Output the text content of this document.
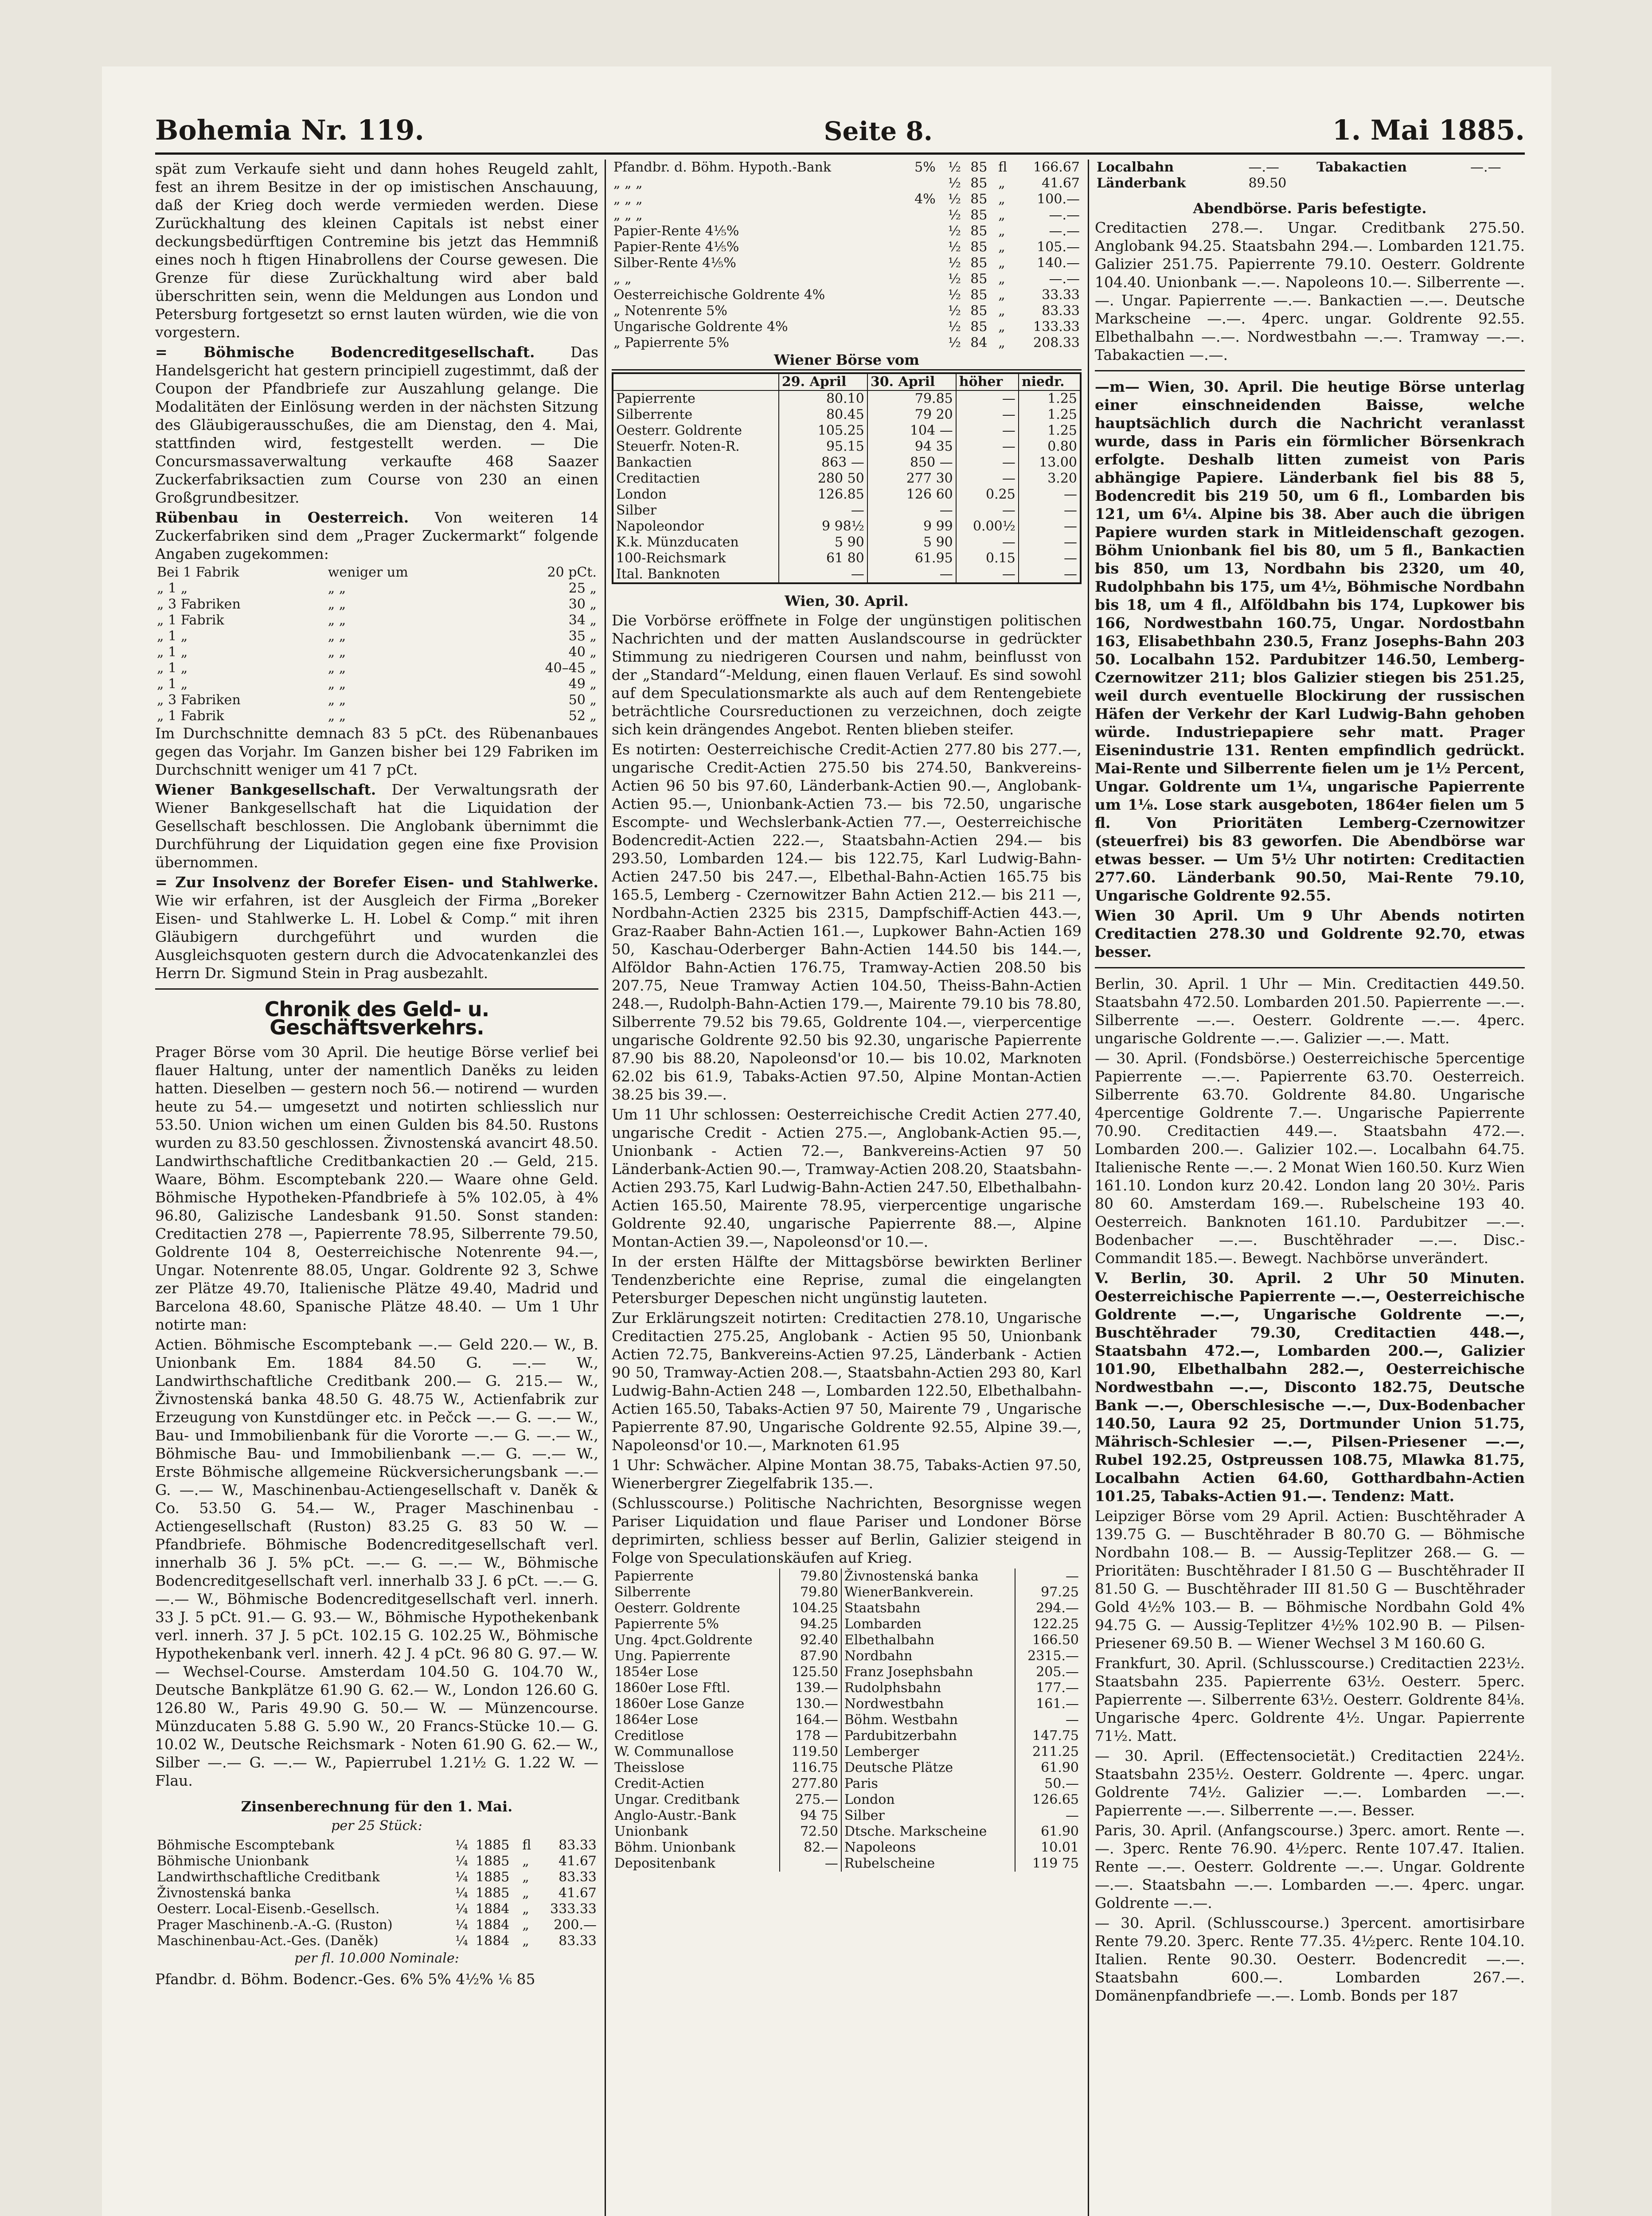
Bohemia Nr. 119.	Seite 8.	1. Mai 1885.

spät zum Verkaufe sieht und dann hohes Reugeld zahlt, fest an ihrem Besitze in der op imistischen Anschauung, daß der Krieg doch werde vermieden werden. Diese Zurückhaltung des kleinen Capitals ist nebst einer deckungsbedürftigen Contremine bis jetzt das Hemmniß eines noch h ftigen Hinabrollens der Course gewesen. Die Grenze für diese Zurückhaltung wird aber bald überschritten sein, wenn die Meldungen aus London und Petersburg fortgesetzt so ernst lauten würden, wie die von vorgestern.

= Böhmische Bodencreditgesellschaft. Das Handelsgericht hat gestern principiell zugestimmt, daß der Coupon der Pfandbriefe zur Auszahlung gelange. Die Modalitäten der Einlösung werden in der nächsten Sitzung des Gläubigerausschußes, die am Dienstag, den 4. Mai, stattfinden wird, festgestellt werden. — Die Concursmassaverwaltung verkaufte 468 Saazer Zuckerfabriksactien zum Course von 230 an einen Großgrundbesitzer.

Rübenbau in Oesterreich. Von weiteren 14 Zuckerfabriken sind dem „Prager Zuckermarkt“ folgende Angaben zugekommen:

Bei 1 Fabrik	weniger um	20 pCt.
„ 1 „	„ „	25 „
„ 3 Fabriken	„ „	30 „
„ 1 Fabrik	„ „	34 „
„ 1 „	„ „	35 „
„ 1 „	„ „	40 „
„ 1 „	„ „	40–45 „
„ 1 „	„ „	49 „
„ 3 Fabriken	„ „	50 „
„ 1 Fabrik	„ „	52 „

Im Durchschnitte demnach 83 5 pCt. des Rübenanbaues gegen das Vorjahr. Im Ganzen bisher bei 129 Fabriken im Durchschnitt weniger um 41 7 pCt.

Wiener Bankgesellschaft. Der Verwaltungsrath der Wiener Bankgesellschaft hat die Liquidation der Gesellschaft beschlossen. Die Anglobank übernimmt die Durchführung der Liquidation gegen eine fixe Provision übernommen.

= Zur Insolvenz der Borefer Eisen- und Stahlwerke. Wie wir erfahren, ist der Ausgleich der Firma „Boreker Eisen- und Stahlwerke L. H. Lobel & Comp.“ mit ihren Gläubigern durchgeführt und wurden die Ausgleichsquoten gestern durch die Advocatenkanzlei des Herrn Dr. Sigmund Stein in Prag ausbezahlt.

Chronik des Geld- u. Geschäftsverkehrs.

Prager Börse vom 30 April. Die heutige Börse verlief bei flauer Haltung, unter der namentlich Daněks zu leiden hatten. Dieselben — gestern noch 56.— notirend — wurden heute zu 54.— umgesetzt und notirten schliesslich nur 53.50. Union wichen um einen Gulden bis 84.50. Rustons wurden zu 83.50 geschlossen. Živnostenská avancirt 48.50. Landwirthschaftliche Creditbankactien 20 .— Geld, 215. Waare, Böhm. Escomptebank 220.— Waare ohne Geld. Böhmische Hypotheken-Pfandbriefe à 5% 102.05, à 4% 96.80, Galizische Landesbank 91.50. Sonst standen: Creditactien 278 —, Papierrente 78.95, Silberrente 79.50, Goldrente 104 8, Oesterreichische Notenrente 94.—, Ungar. Notenrente 88.05, Ungar. Goldrente 92 3, Schwe zer Plätze 49.70, Italienische Plätze 49.40, Madrid und Barcelona 48.60, Spanische Plätze 48.40. — Um 1 Uhr notirte man:

Actien. Böhmische Escomptebank —.— Geld 220.— W., B. Unionbank Em. 1884 84.50 G. —.— W., Landwirthschaftliche Creditbank 200.— G. 215.— W., Živnostenská banka 48.50 G. 48.75 W., Actienfabrik zur Erzeugung von Kunstdünger etc. in Pečck —.— G. —.— W., Bau- und Immobilienbank für die Vororte —.— G. —.— W., Böhmische Bau- und Immobilienbank —.— G. —.— W., Erste Böhmische allgemeine Rückversicherungsbank —.— G. —.— W., Maschinenbau-Actiengesellschaft v. Daněk & Co. 53.50 G. 54.— W., Prager Maschinenbau - Actiengesellschaft (Ruston) 83.25 G. 83 50 W. — Pfandbriefe. Böhmische Bodencreditgesellschaft verl. innerhalb 36 J. 5% pCt. —.— G. —.— W., Böhmische Bodencreditgesellschaft verl. innerhalb 33 J. 6 pCt. —.— G. —.— W., Böhmische Bodencreditgesellschaft verl. innerh. 33 J. 5 pCt. 91.— G. 93.— W., Böhmische Hypothekenbank verl. innerh. 37 J. 5 pCt. 102.15 G. 102.25 W., Böhmische Hypothekenbank verl. innerh. 42 J. 4 pCt. 96 80 G. 97.— W. — Wechsel-Course. Amsterdam 104.50 G. 104.70 W., Deutsche Bankplätze 61.90 G. 62.— W., London 126.60 G. 126.80 W., Paris 49.90 G. 50.— W. — Münzencourse. Münzducaten 5.88 G. 5.90 W., 20 Francs-Stücke 10.— G. 10.02 W., Deutsche Reichsmark - Noten 61.90 G. 62.— W., Silber —.— G. —.— W., Papierrubel 1.21½ G. 1.22 W. — Flau.

Zinsenberechnung für den 1. Mai.
per 25 Stück:
Böhmische Escomptebank	¼	1885	fl	83.33
Böhmische Unionbank	¼	1885	„	41.67
Landwirthschaftliche Creditbank	¼	1885	„	83.33
Živnostenská banka	¼	1885	„	41.67
Oesterr. Local-Eisenb.-Gesellsch.	¼	1884	„	333.33
Prager Maschinenb.-A.-G. (Ruston)	¼	1884	„	200.—
Maschinenbau-Act.-Ges. (Daněk)	¼	1884	„	83.33
per fl. 10.000 Nominale:

Pfandbr. d. Böhm. Bodencr.-Ges. 6% 5% 4½% ⅙ 85

Pfandbr. d. Böhm. Hypoth.-Bank	5%	½	85	fl	166.67
„ „ „		½	85	„	41.67
„ „ „	4%	½	85	„	100.—
„ „ „		½	85	„	—.—
Papier-Rente 4⅕%		½	85	„	—.—
Papier-Rente 4⅕%		½	85	„	105.—
Silber-Rente 4⅕%		½	85	„	140.—
„ „		½	85	„	—.—
Oesterreichische Goldrente 4%		½	85	„	33.33
„ Notenrente 5%		½	85	„	83.33
Ungarische Goldrente 4%		½	85	„	133.33
„ Papierrente 5%		½	84	„	208.33
Wiener Börse vom
	29. April	30. April	höher	niedr.
Papierrente	80.10	79.85	—	1.25
Silberrente	80.45	79 20	—	1.25
Oesterr. Goldrente	105.25	104 —	—	1.25
Steuerfr. Noten-R.	95.15	94 35	—	0.80
Bankactien	863 —	850 —	—	13.00
Creditactien	280 50	277 30	—	3.20
London	126.85	126 60	0.25	—
Silber	—	—	—	—
Napoleondor	9 98½	9 99	0.00½	—
K.k. Münzducaten	5 90	5 90	—	—
100-Reichsmark	61 80	61.95	0.15	—
Ital. Banknoten	—	—	—	—
Wien, 30. April.

Die Vorbörse eröffnete in Folge der ungünstigen politischen Nachrichten und der matten Auslandscourse in gedrückter Stimmung zu niedrigeren Coursen und nahm, beinflusst von der „Standard“-Meldung, einen flauen Verlauf. Es sind sowohl auf dem Speculationsmarkte als auch auf dem Rentengebiete beträchtliche Coursreductionen zu verzeichnen, doch zeigte sich kein drängendes Angebot. Renten blieben steifer.

Es notirten: Oesterreichische Credit-Actien 277.80 bis 277.—, ungarische Credit-Actien 275.50 bis 274.50, Bankvereins-Actien 96 50 bis 97.60, Länderbank-Actien 90.—, Anglobank-Actien 95.—, Unionbank-Actien 73.— bis 72.50, ungarische Escompte- und Wechslerbank-Actien 77.—, Oesterreichische Bodencredit-Actien 222.—, Staatsbahn-Actien 294.— bis 293.50, Lombarden 124.— bis 122.75, Karl Ludwig-Bahn-Actien 247.50 bis 247.—, Elbethal-Bahn-Actien 165.75 bis 165.5, Lemberg - Czernowitzer Bahn Actien 212.— bis 211 —, Nordbahn-Actien 2325 bis 2315, Dampfschiff-Actien 443.—, Graz-Raaber Bahn-Actien 161.—, Lupkower Bahn-Actien 169 50, Kaschau-Oderberger Bahn-Actien 144.50 bis 144.—, Alföldor Bahn-Actien 176.75, Tramway-Actien 208.50 bis 207.75, Neue Tramway Actien 104.50, Theiss-Bahn-Actien 248.—, Rudolph-Bahn-Actien 179.—, Mairente 79.10 bis 78.80, Silberrente 79.52 bis 79.65, Goldrente 104.—, vierpercentige ungarische Goldrente 92.50 bis 92.30, ungarische Papierrente 87.90 bis 88.20, Napoleonsd'or 10.— bis 10.02, Marknoten 62.02 bis 61.9, Tabaks-Actien 97.50, Alpine Montan-Actien 38.25 bis 39.—.

Um 11 Uhr schlossen: Oesterreichische Credit Actien 277.40, ungarische Credit - Actien 275.—, Anglobank-Actien 95.—, Unionbank - Actien 72.—, Bankvereins-Actien 97 50 Länderbank-Actien 90.—, Tramway-Actien 208.20, Staatsbahn-Actien 293.75, Karl Ludwig-Bahn-Actien 247.50, Elbethalbahn-Actien 165.50, Mairente 78.95, vierpercentige ungarische Goldrente 92.40, ungarische Papierrente 88.—, Alpine Montan-Actien 39.—, Napoleonsd'or 10.—.

In der ersten Hälfte der Mittagsbörse bewirkten Berliner Tendenzberichte eine Reprise, zumal die eingelangten Petersburger Depeschen nicht ungünstig lauteten.

Zur Erklärungszeit notirten: Creditactien 278.10, Ungarische Creditactien 275.25, Anglobank - Actien 95 50, Unionbank Actien 72.75, Bankvereins-Actien 97.25, Länderbank - Actien 90 50, Tramway-Actien 208.—, Staatsbahn-Actien 293 80, Karl Ludwig-Bahn-Actien 248 —, Lombarden 122.50, Elbethalbahn-Actien 165.50, Tabaks-Actien 97 50, Mairente 79 , Ungarische Papierrente 87.90, Ungarische Goldrente 92.55, Alpine 39.—, Napoleonsd'or 10.—, Marknoten 61.95

1 Uhr: Schwächer. Alpine Montan 38.75, Tabaks-Actien 97.50, Wienerbergrer Ziegelfabrik 135.—.

(Schlusscourse.) Politische Nachrichten, Besorgnisse wegen Pariser Liquidation und flaue Pariser und Londoner Börse deprimirten, schliess besser auf Berlin, Galizier steigend in Folge von Speculationskäufen auf Krieg.

Papierrente	79.80	Živnostenská banka	—
Silberrente	79.80	WienerBankverein.	97.25
Oesterr. Goldrente	104.25	Staatsbahn	294.—
Papierrente 5%	94.25	Lombarden	122.25
Ung. 4pct.Goldrente	92.40	Elbethalbahn	166.50
Ung. Papierrente	87.90	Nordbahn	2315.—
1854er Lose	125.50	Franz Josephsbahn	205.—
1860er Lose Fftl.	139.—	Rudolphsbahn	177.—
1860er Lose Ganze	130.—	Nordwestbahn	161.—
1864er Lose	164.—	Böhm. Westbahn	—
Creditlose	178 —	Pardubitzerbahn	147.75
W. Communallose	119.50	Lemberger	211.25
Theisslose	116.75	Deutsche Plätze	61.90
Credit-Actien	277.80	Paris	50.—
Ungar. Creditbank	275.—	London	126.65
Anglo-Austr.-Bank	94 75	Silber	—
Unionbank	72.50	Dtsche. Markscheine	61.90
Böhm. Unionbank	82.—	Napoleons	10.01
Depositenbank	—	Rubelscheine	119 75
Localbahn	—.—	Tabakactien	—.—
Länderbank	89.50		
Abendbörse. Paris befestigte.

Creditactien 278.—. Ungar. Creditbank 275.50. Anglobank 94.25. Staatsbahn 294.—. Lombarden 121.75. Galizier 251.75. Papierrente 79.10. Oesterr. Goldrente 104.40. Unionbank —.—. Napoleons 10.—. Silberrente —.—. Ungar. Papierrente —.—. Bankactien —.—. Deutsche Markscheine —.—. 4perc. ungar. Goldrente 92.55. Elbethalbahn —.—. Nordwestbahn —.—. Tramway —.—. Tabakactien —.—.

—m— Wien, 30. April. Die heutige Börse unterlag einer einschneidenden Baisse, welche hauptsächlich durch die Nachricht veranlasst wurde, dass in Paris ein förmlicher Börsenkrach erfolgte. Deshalb litten zumeist von Paris abhängige Papiere. Länderbank fiel bis 88 5, Bodencredit bis 219 50, um 6 fl., Lombarden bis 121, um 6¼. Alpine bis 38. Aber auch die übrigen Papiere wurden stark in Mitleidenschaft gezogen. Böhm Unionbank fiel bis 80, um 5 fl., Bankactien bis 850, um 13, Nordbahn bis 2320, um 40, Rudolphbahn bis 175, um 4½, Böhmische Nordbahn bis 18, um 4 fl., Alföldbahn bis 174, Lupkower bis 166, Nordwestbahn 160.75, Ungar. Nordostbahn 163, Elisabethbahn 230.5, Franz Josephs-Bahn 203 50. Localbahn 152. Pardubitzer 146.50, Lemberg-Czernowitzer 211; blos Galizier stiegen bis 251.25, weil durch eventuelle Blockirung der russischen Häfen der Verkehr der Karl Ludwig-Bahn gehoben würde. Industriepapiere sehr matt. Prager Eisenindustrie 131. Renten empfindlich gedrückt. Mai-Rente und Silberrente fielen um je 1½ Percent, Ungar. Goldrente um 1¼, ungarische Papierrente um 1⅛. Lose stark ausgeboten, 1864er fielen um 5 fl. Von Prioritäten Lemberg-Czernowitzer (steuerfrei) bis 83 geworfen. Die Abendbörse war etwas besser. — Um 5½ Uhr notirten: Creditactien 277.60. Länderbank 90.50, Mai-Rente 79.10, Ungarische Goldrente 92.55.

Wien 30 April. Um 9 Uhr Abends notirten Creditactien 278.30 und Goldrente 92.70, etwas besser.

Berlin, 30. April. 1 Uhr — Min. Creditactien 449.50. Staatsbahn 472.50. Lombarden 201.50. Papierrente —.—. Silberrente —.—. Oesterr. Goldrente —.—. 4perc. ungarische Goldrente —.—. Galizier —.—. Matt.

— 30. April. (Fondsbörse.) Oesterreichische 5percentige Papierrente —.—. Papierrente 63.70. Oesterreich. Silberrente 63.70. Goldrente 84.80. Ungarische 4percentige Goldrente 7.—. Ungarische Papierrente 70.90. Creditactien 449.—. Staatsbahn 472.—. Lombarden 200.—. Galizier 102.—. Localbahn 64.75. Italienische Rente —.—. 2 Monat Wien 160.50. Kurz Wien 161.10. London kurz 20.42. London lang 20 30½. Paris 80 60. Amsterdam 169.—. Rubelscheine 193 40. Oesterreich. Banknoten 161.10. Pardubitzer —.—. Bodenbacher —.—. Buschtěhrader —.—. Disc.-Commandit 185.—. Bewegt. Nachbörse unverändert.

V. Berlin, 30. April. 2 Uhr 50 Minuten. Oesterreichische Papierrente —.—, Oesterreichische Goldrente —.—, Ungarische Goldrente —.—, Buschtěhrader 79.30, Creditactien 448.—, Staatsbahn 472.—, Lombarden 200.—, Galizier 101.90, Elbethalbahn 282.—, Oesterreichische Nordwestbahn —.—, Disconto 182.75, Deutsche Bank —.—, Oberschlesische —.—, Dux-Bodenbacher 140.50, Laura 92 25, Dortmunder Union 51.75, Mährisch-Schlesier —.—, Pilsen-Priesener —.—, Rubel 192.25, Ostpreussen 108.75, Mlawka 81.75, Localbahn Actien 64.60, Gotthardbahn-Actien 101.25, Tabaks-Actien 91.—. Tendenz: Matt.

Leipziger Börse vom 29 April. Actien: Buschtěhrader A 139.75 G. — Buschtěhrader B 80.70 G. — Böhmische Nordbahn 108.— B. — Aussig-Teplitzer 268.— G. — Prioritäten: Buschtěhrader I 81.50 G — Buschtěhrader II 81.50 G. — Buschtěhrader III 81.50 G — Buschtěhrader Gold 4½% 103.— B. — Böhmische Nordbahn Gold 4% 94.75 G. — Aussig-Teplitzer 4½% 102.90 B. — Pilsen-Priesener 69.50 B. — Wiener Wechsel 3 M 160.60 G.

Frankfurt, 30. April. (Schlusscourse.) Creditactien 223½. Staatsbahn 235. Papierrente 63½. Oesterr. 5perc. Papierrente —. Silberrente 63½. Oesterr. Goldrente 84⅛. Ungarische 4perc. Goldrente 4½. Ungar. Papierrente 71½. Matt.

— 30. April. (Effectensocietät.) Creditactien 224½. Staatsbahn 235½. Oesterr. Goldrente —. 4perc. ungar. Goldrente 74½. Galizier —.—. Lombarden —.—. Papierrente —.—. Silberrente —.—. Besser.

Paris, 30. April. (Anfangscourse.) 3perc. amort. Rente —.—. 3perc. Rente 76.90. 4½perc. Rente 107.47. Italien. Rente —.—. Oesterr. Goldrente —.—. Ungar. Goldrente —.—. Staatsbahn —.—. Lombarden —.—. 4perc. ungar. Goldrente —.—.

— 30. April. (Schlusscourse.) 3percent. amortisirbare Rente 79.20. 3perc. Rente 77.35. 4½perc. Rente 104.10. Italien. Rente 90.30. Oesterr. Bodencredit —.—. Staatsbahn 600.—. Lombarden 267.—. Domänenpfandbriefe —.—. Lomb. Bonds per 187
